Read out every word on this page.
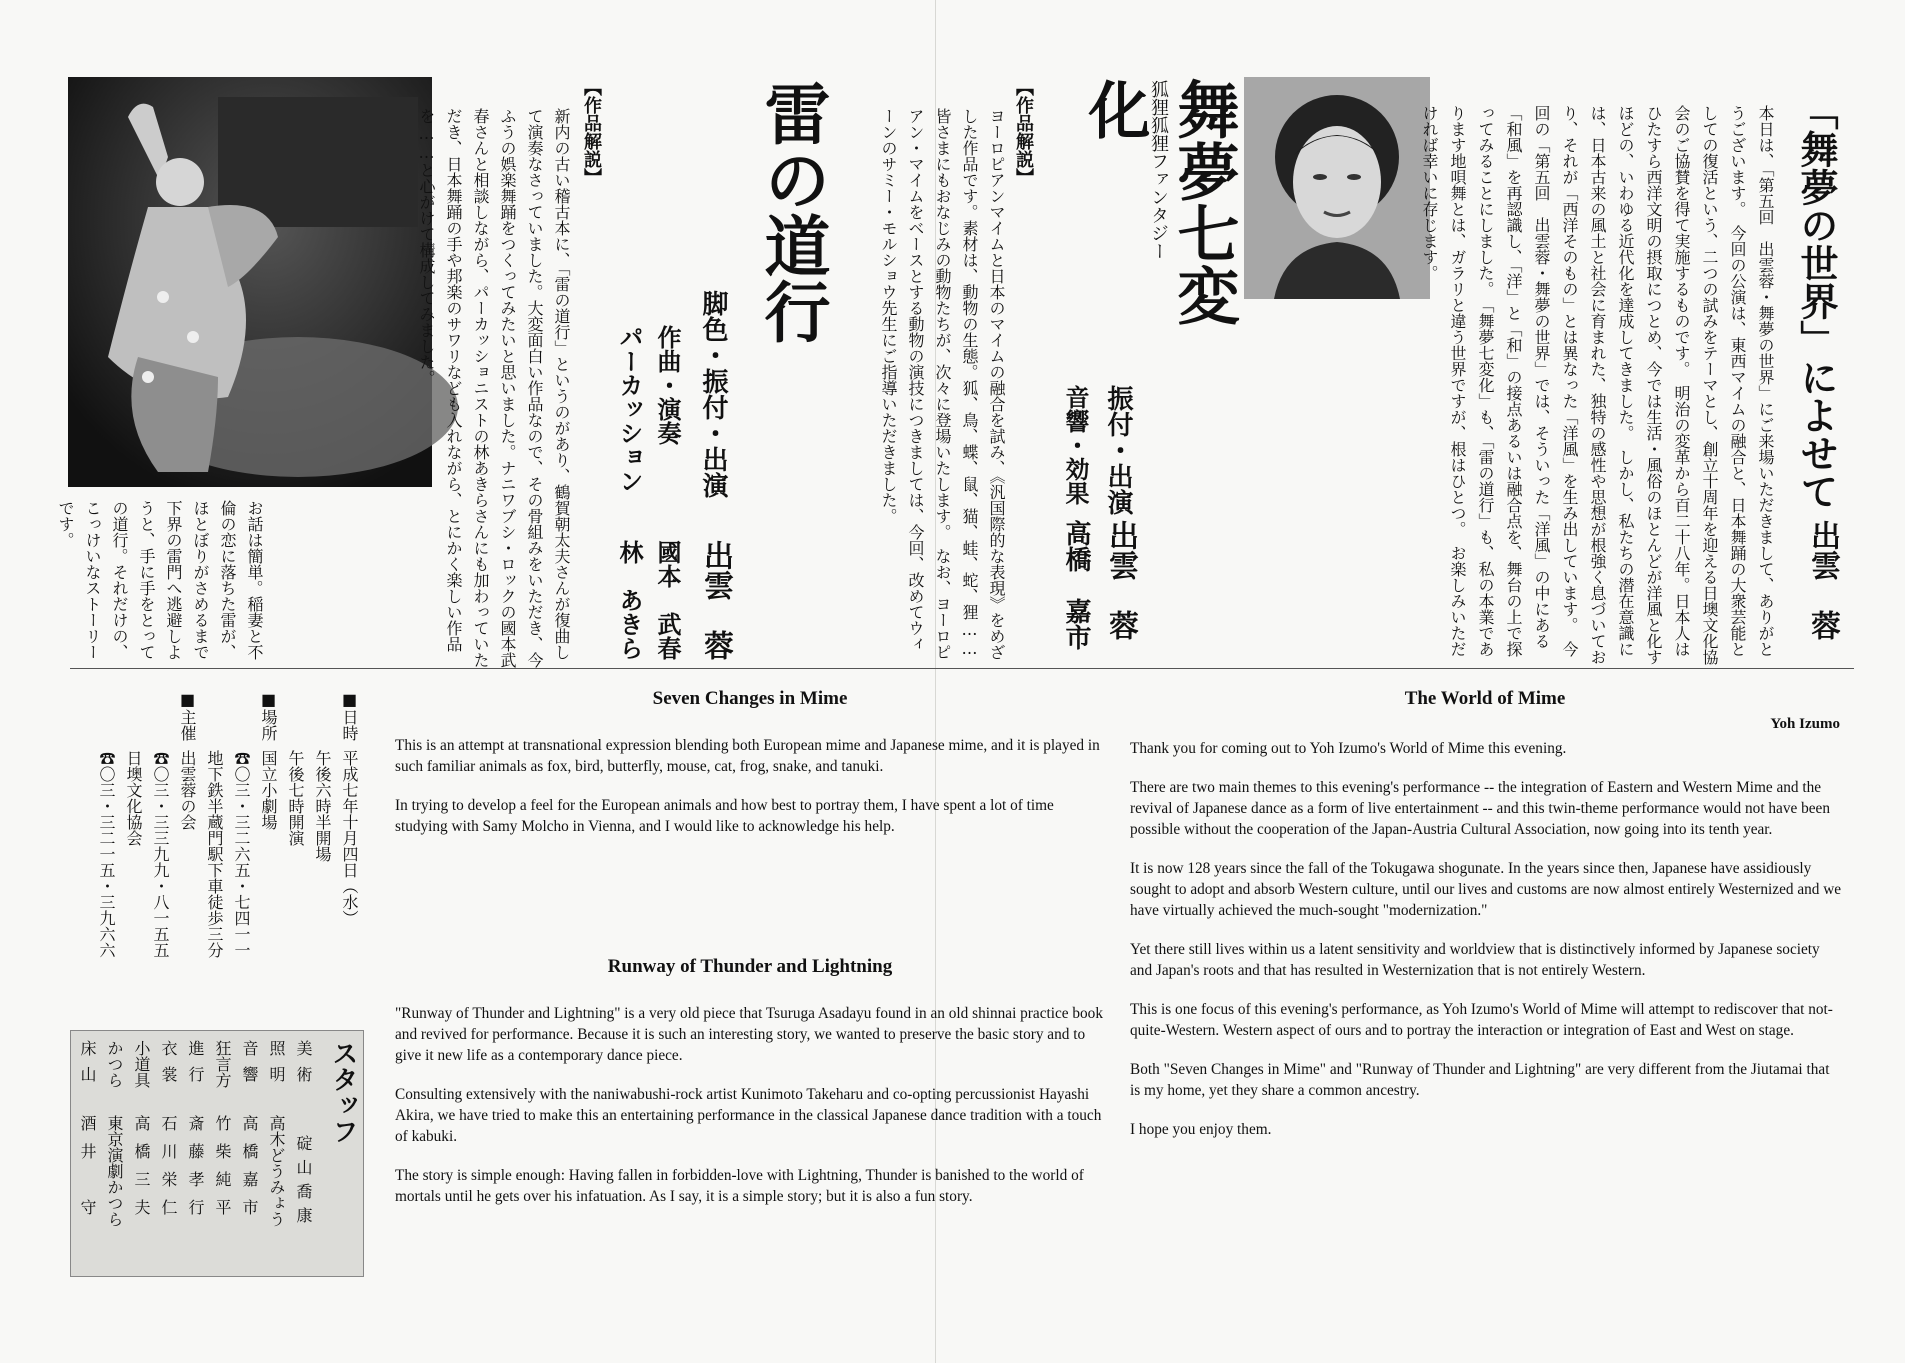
「舞夢の世界」によせて
出雲　蓉
本日は、「第五回　出雲蓉・舞夢の世界」にご来場いただきまして、ありがとうございます。　今回の公演は、東西マイムの融合と、日本舞踊の大衆芸能としての復活という、二つの試みをテーマとし、創立十周年を迎える日墺文化協会のご協賛を得て実施するものです。　明治の変革から百二十八年。日本人はひたすら西洋文明の摂取につとめ、今では生活・風俗のほとんどが洋風と化すほどの、いわゆる近代化を達成してきました。　しかし、私たちの潜在意識には、日本古来の風土と社会に育まれた、独特の感性や思想が根強く息づいており、それが「西洋そのもの」とは異なった「洋風」を生み出しています。　今回の「第五回　出雲蓉・舞夢の世界」では、そういった「洋風」の中にある「和風」を再認識し、「洋」と「和」の接点あるいは融合点を、舞台の上で探ってみることにしました。　「舞夢七変化」も、「雷の道行」も、私の本業であります地唄舞とは、ガラリと違う世界ですが、根はひとつ。　お楽しみいただければ幸いに存じます。
狐狸狐狸ファンタジー
舞夢七変化
振付・出演
出雲　蓉
音響・効果
高橋　嘉市
【作品解説】
ヨーロピアンマイムと日本のマイムの融合を試み、《汎国際的な表現》をめざした作品です。素材は、動物の生態。狐、鳥、蝶、鼠、猫、蛙、蛇、狸……皆さまにもおなじみの動物たちが、次々に登場いたします。　なお、ヨーロピアン・マイムをベースとする動物の演技につきましては、今回、改めてウィーンのサミー・モルショウ先生にご指導いただきました。
雷の道行
脚色・振付・出演
出雲　蓉
作曲・演奏
國本　武春
パーカッション
林　あきら
【作品解説】
新内の古い稽古本に、「雷の道行」というのがあり、鶴賀朝太夫さんが復曲して演奏なさっていました。大変面白い作品なので、その骨組みをいただき、今ふうの娯楽舞踊をつくってみたいと思いました。ナニワブシ・ロックの國本武春さんと相談しながら、パーカッショニストの林あきらさんにも加わっていただき、日本舞踊の手や邦楽のサワリなども入れながら、とにかく楽しい作品を……と心がけて構成してみました。
お話は簡単。稲妻と不倫の恋に落ちた雷が、ほとぼりがさめるまで下界の雷門へ逃避しようと、手に手をとっての道行。それだけの、こっけいなストーリーです。
■日時
平成七年十月四日（水）
午後六時半開場
午後七時開演
■場所
国立小劇場
☎〇三・三二六五・七四一一
地下鉄半蔵門駅下車徒歩三分
■主催
出雲蓉の会
☎〇三・三三九九・八一五五
日墺文化協会
☎〇三・三二一五・三九六六
スタッフ
美術
碇山喬康
照明
高木どうみょう
音響
高橋嘉市
狂言方
竹柴純平
進行
斎藤孝行
衣裳
石川栄仁
小道具
高橋三夫
かつら
東京演劇かつら
床山
酒井　守
Seven Changes in Mime

This is an attempt at transnational expression blending both European mime and Japanese mime, and it is played in such familiar animals as fox, bird, butterfly, mouse, cat, frog, snake, and tanuki.

In trying to develop a feel for the European animals and how best to portray them, I have spent a lot of time studying with Samy Molcho in Vienna, and I would like to acknowledge his help.

Runway of Thunder and Lightning

"Runway of Thunder and Lightning" is a very old piece that Tsuruga Asadayu found in an old shinnai practice book and revived for performance. Because it is such an interesting story, we wanted to preserve the basic story and to give it new life as a contemporary dance piece.

Consulting extensively with the naniwabushi-rock artist Kunimoto Takeharu and co-opting percussionist Hayashi Akira, we have tried to make this an entertaining performance in the classical Japanese dance tradition with a touch of kabuki.

The story is simple enough: Having fallen in forbidden-love with Lightning, Thunder is banished to the world of mortals until he gets over his infatuation. As I say, it is a simple story; but it is also a fun story.

The World of Mime
Yoh Izumo

Thank you for coming out to Yoh Izumo's World of Mime this evening.

There are two main themes to this evening's performance -- the integration of Eastern and Western Mime and the revival of Japanese dance as a form of live entertainment -- and this twin-theme performance would not have been possible without the cooperation of the Japan-Austria Cultural Association, now going into its tenth year.

It is now 128 years since the fall of the Tokugawa shogunate. In the years since then, Japanese have assidiously sought to adopt and absorb Western culture, until our lives and customs are now almost entirely Westernized and we have virtually achieved the much-sought "modernization."

Yet there still lives within us a latent sensitivity and worldview that is distinctively informed by Japanese society and Japan's roots and that has resulted in Westernization that is not entirely Western.

This is one focus of this evening's performance, as Yoh Izumo's World of Mime will attempt to rediscover that not-quite-Western. Western aspect of ours and to portray the interaction or integration of East and West on stage.

Both "Seven Changes in Mime" and "Runway of Thunder and Lightning" are very different from the Jiutamai that is my home, yet they share a common ancestry.

I hope you enjoy them.
